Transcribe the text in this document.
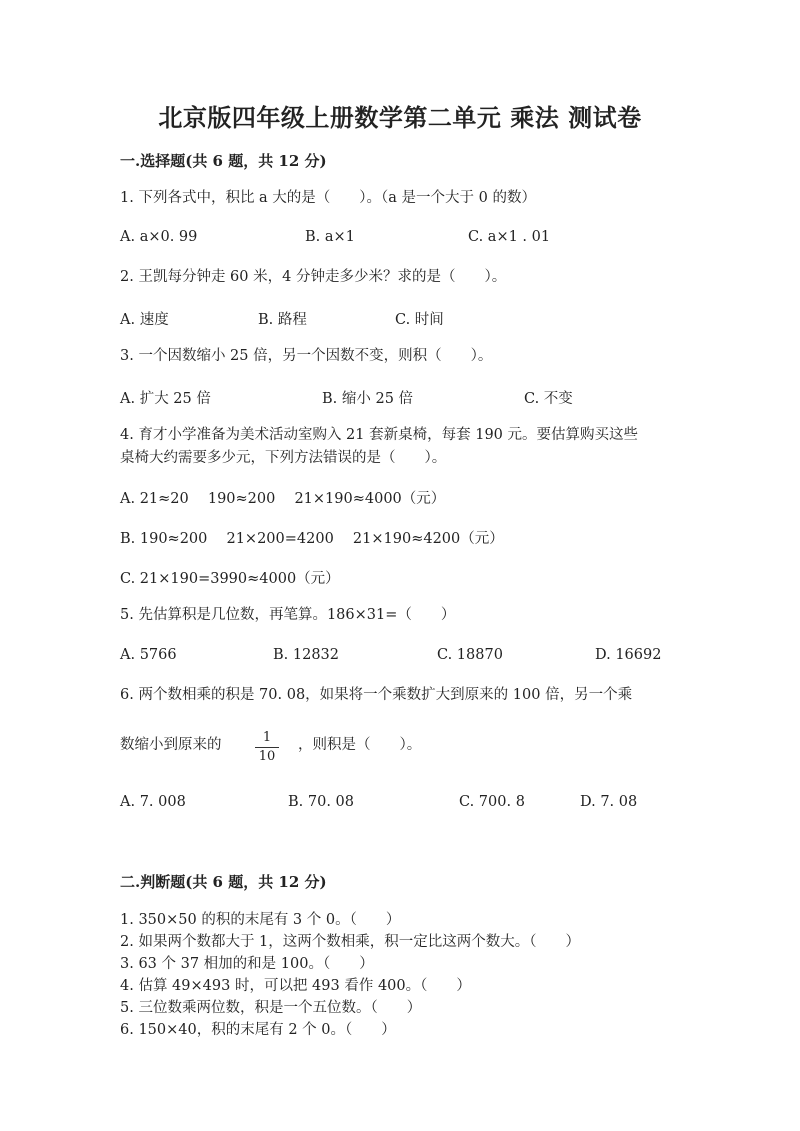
北京版四年级上册数学第二单元 乘法 测试卷
一.选择题(共 6 题，共 12 分)
1. 下列各式中，积比 a 大的是（　　）。（a 是一个大于 0 的数）
A. a×0. 99	B. a×1	C. a×1 . 01
2. 王凯每分钟走 60 米，4 分钟走多少米？求的是（　　）。
A. 速度	B. 路程	C. 时间
3. 一个因数缩小 25 倍，另一个因数不变，则积（　　）。
A. 扩大 25 倍	B. 缩小 25 倍	C. 不变
4. 育才小学准备为美术活动室购入 21 套新桌椅，每套 190 元。要估算购买这些
桌椅大约需要多少元，下列方法错误的是（　　）。
A. 21≈20　 190≈200　 21×190≈4000（元）
B. 190≈200　 21×200=4200　 21×190≈4200（元）
C. 21×190=3990≈4000（元）
5. 先估算积是几位数，再笔算。186×31=（　　）
A. 5766	B. 12832	C. 18870	D. 16692
6. 两个数相乘的积是 70. 08，如果将一个乘数扩大到原来的 100 倍，另一个乘
数缩小到原来的	1
10
，则积是（　　）。
A. 7. 008	B. 70. 08	C. 700. 8	D. 7. 08
二.判断题(共 6 题，共 12 分)
1. 350×50 的积的末尾有 3 个 0。（　　）
2. 如果两个数都大于 1，这两个数相乘，积一定比这两个数大。（　　）
3. 63 个 37 相加的和是 100。（　　）
4. 估算 49×493 时，可以把 493 看作 400。（　　）
5. 三位数乘两位数，积是一个五位数。（　　）
6. 150×40，积的末尾有 2 个 0。（　　）
